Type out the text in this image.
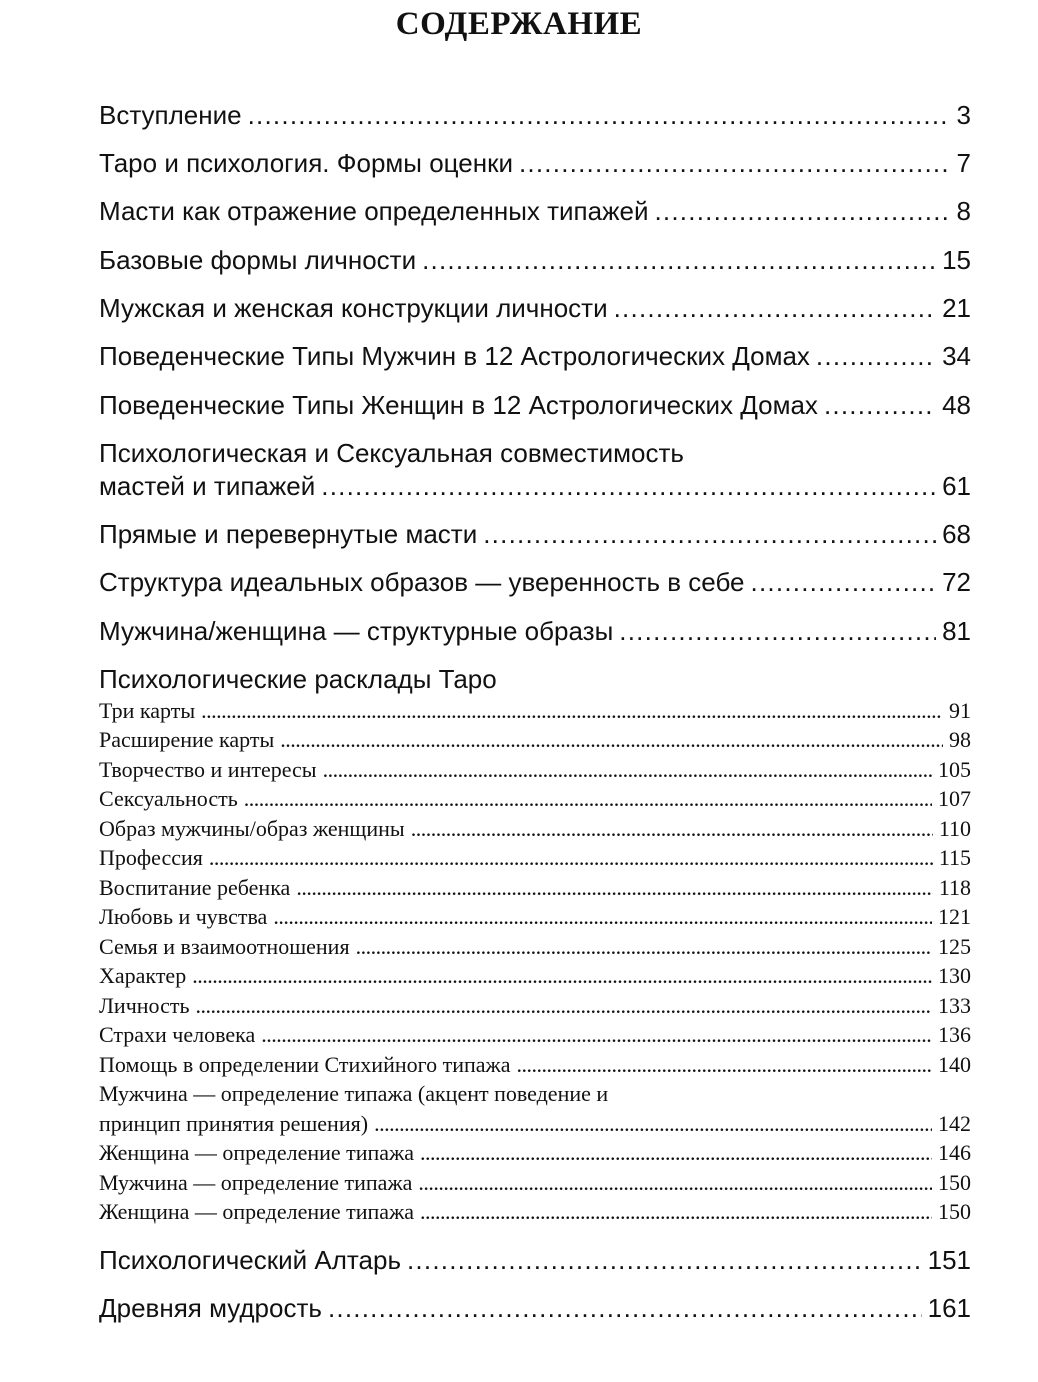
СОДЕРЖАНИЕ
Вступление . . .	3
Таро и психология. Формы оценки . . .	7
Масти как отражение определенных типажей . . .	8
Базовые формы личности . . .	15
Мужская и женская конструкции личности . . .	21
Поведенческие Типы Мужчин в 12 Астрологических Домах . . .	34
Поведенческие Типы Женщин в 12 Астрологических Домах . . .	48
Психологическая и Сексуальная совместимость
мастей и типажей . . .	61
Прямые и перевернутые масти . . .	68
Структура идеальных образов — уверенность в себе . . .	72
Мужчина/женщина — структурные образы . . .	81
Психологические расклады Таро
Три карты . . .	91
Расширение карты . . .	98
Творчество и интересы . . .	105
Сексуальность . . .	107
Образ мужчины/образ женщины . . .	110
Профессия . . .	115
Воспитание ребенка . . .	118
Любовь и чувства . . .	121
Семья и взаимоотношения . . .	125
Характер . . .	130
Личность . . .	133
Страхи человека . . .	136
Помощь в определении Стихийного типажа . . .	140
Мужчина — определение типажа (акцент поведение и
принцип принятия решения) . . .	142
Женщина — определение типажа . . .	146
Мужчина — определение типажа . . .	150
Женщина — определение типажа . . .	150
Психологический Алтарь . . .	151
Древняя мудрость . . .	161
